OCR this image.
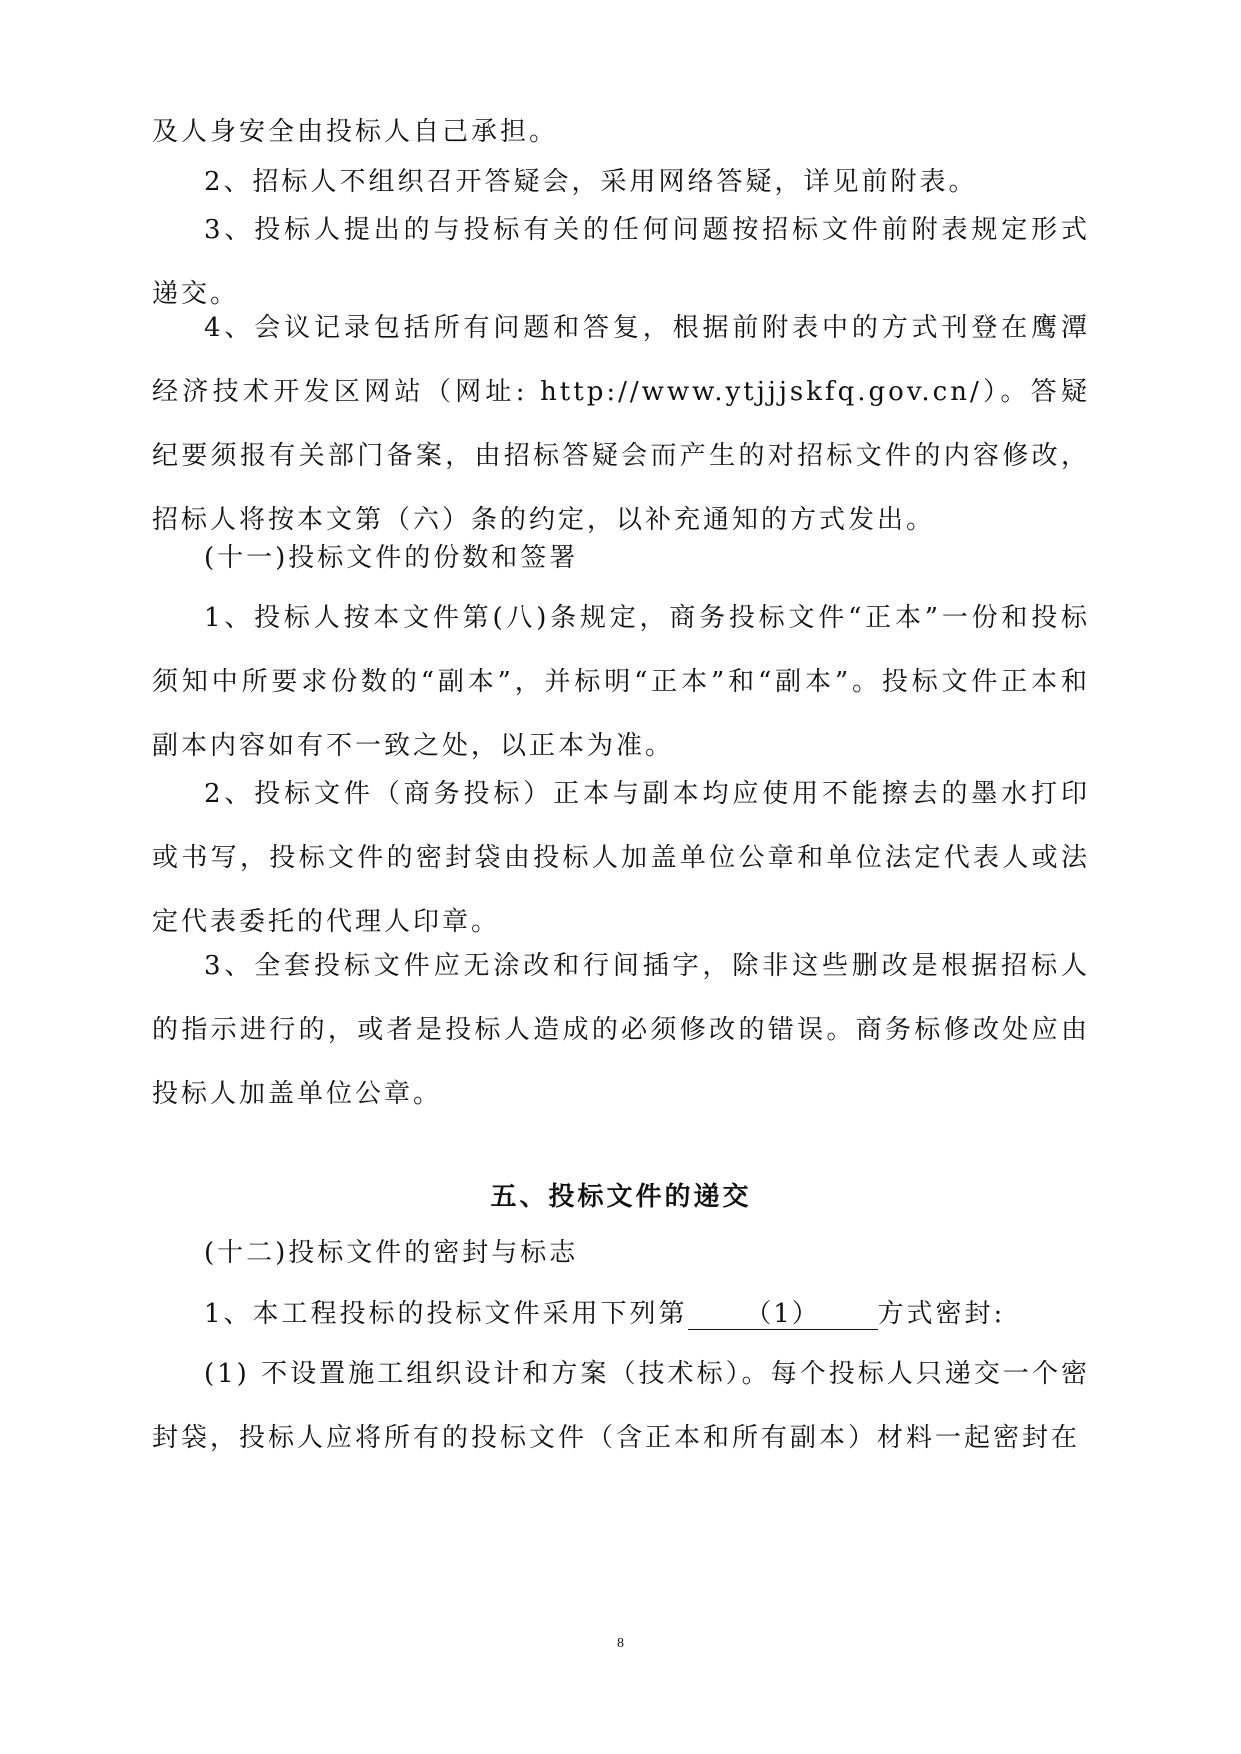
及人身安全由投标人自己承担。

2、招标人不组织召开答疑会，采用网络答疑，详见前附表。

3、投标人提出的与投标有关的任何问题按招标文件前附表规定形式递交。

4、会议记录包括所有问题和答复，根据前附表中的方式刊登在鹰潭经济技术开发区网站（网址: http://www.ytjjjskfq.gov.cn/）。答疑纪要须报有关部门备案，由招标答疑会而产生的对招标文件的内容修改，招标人将按本文第（六）条的约定，以补充通知的方式发出。

(十一)投标文件的份数和签署

1、投标人按本文件第(八)条规定，商务投标文件“正本”一份和投标须知中所要求份数的“副本”，并标明“正本”和“副本”。投标文件正本和副本内容如有不一致之处，以正本为准。

2、投标文件（商务投标）正本与副本均应使用不能擦去的墨水打印或书写，投标文件的密封袋由投标人加盖单位公章和单位法定代表人或法定代表委托的代理人印章。

3、全套投标文件应无涂改和行间插字，除非这些删改是根据招标人的指示进行的，或者是投标人造成的必须修改的错误。商务标修改处应由投标人加盖单位公章。

五、投标文件的递交

(十二)投标文件的密封与标志

1、本工程投标的投标文件采用下列第 （1） 方式密封:

(1) 不设置施工组织设计和方案（技术标）。每个投标人只递交一个密封袋，投标人应将所有的投标文件（含正本和所有副本）材料一起密封在

8
